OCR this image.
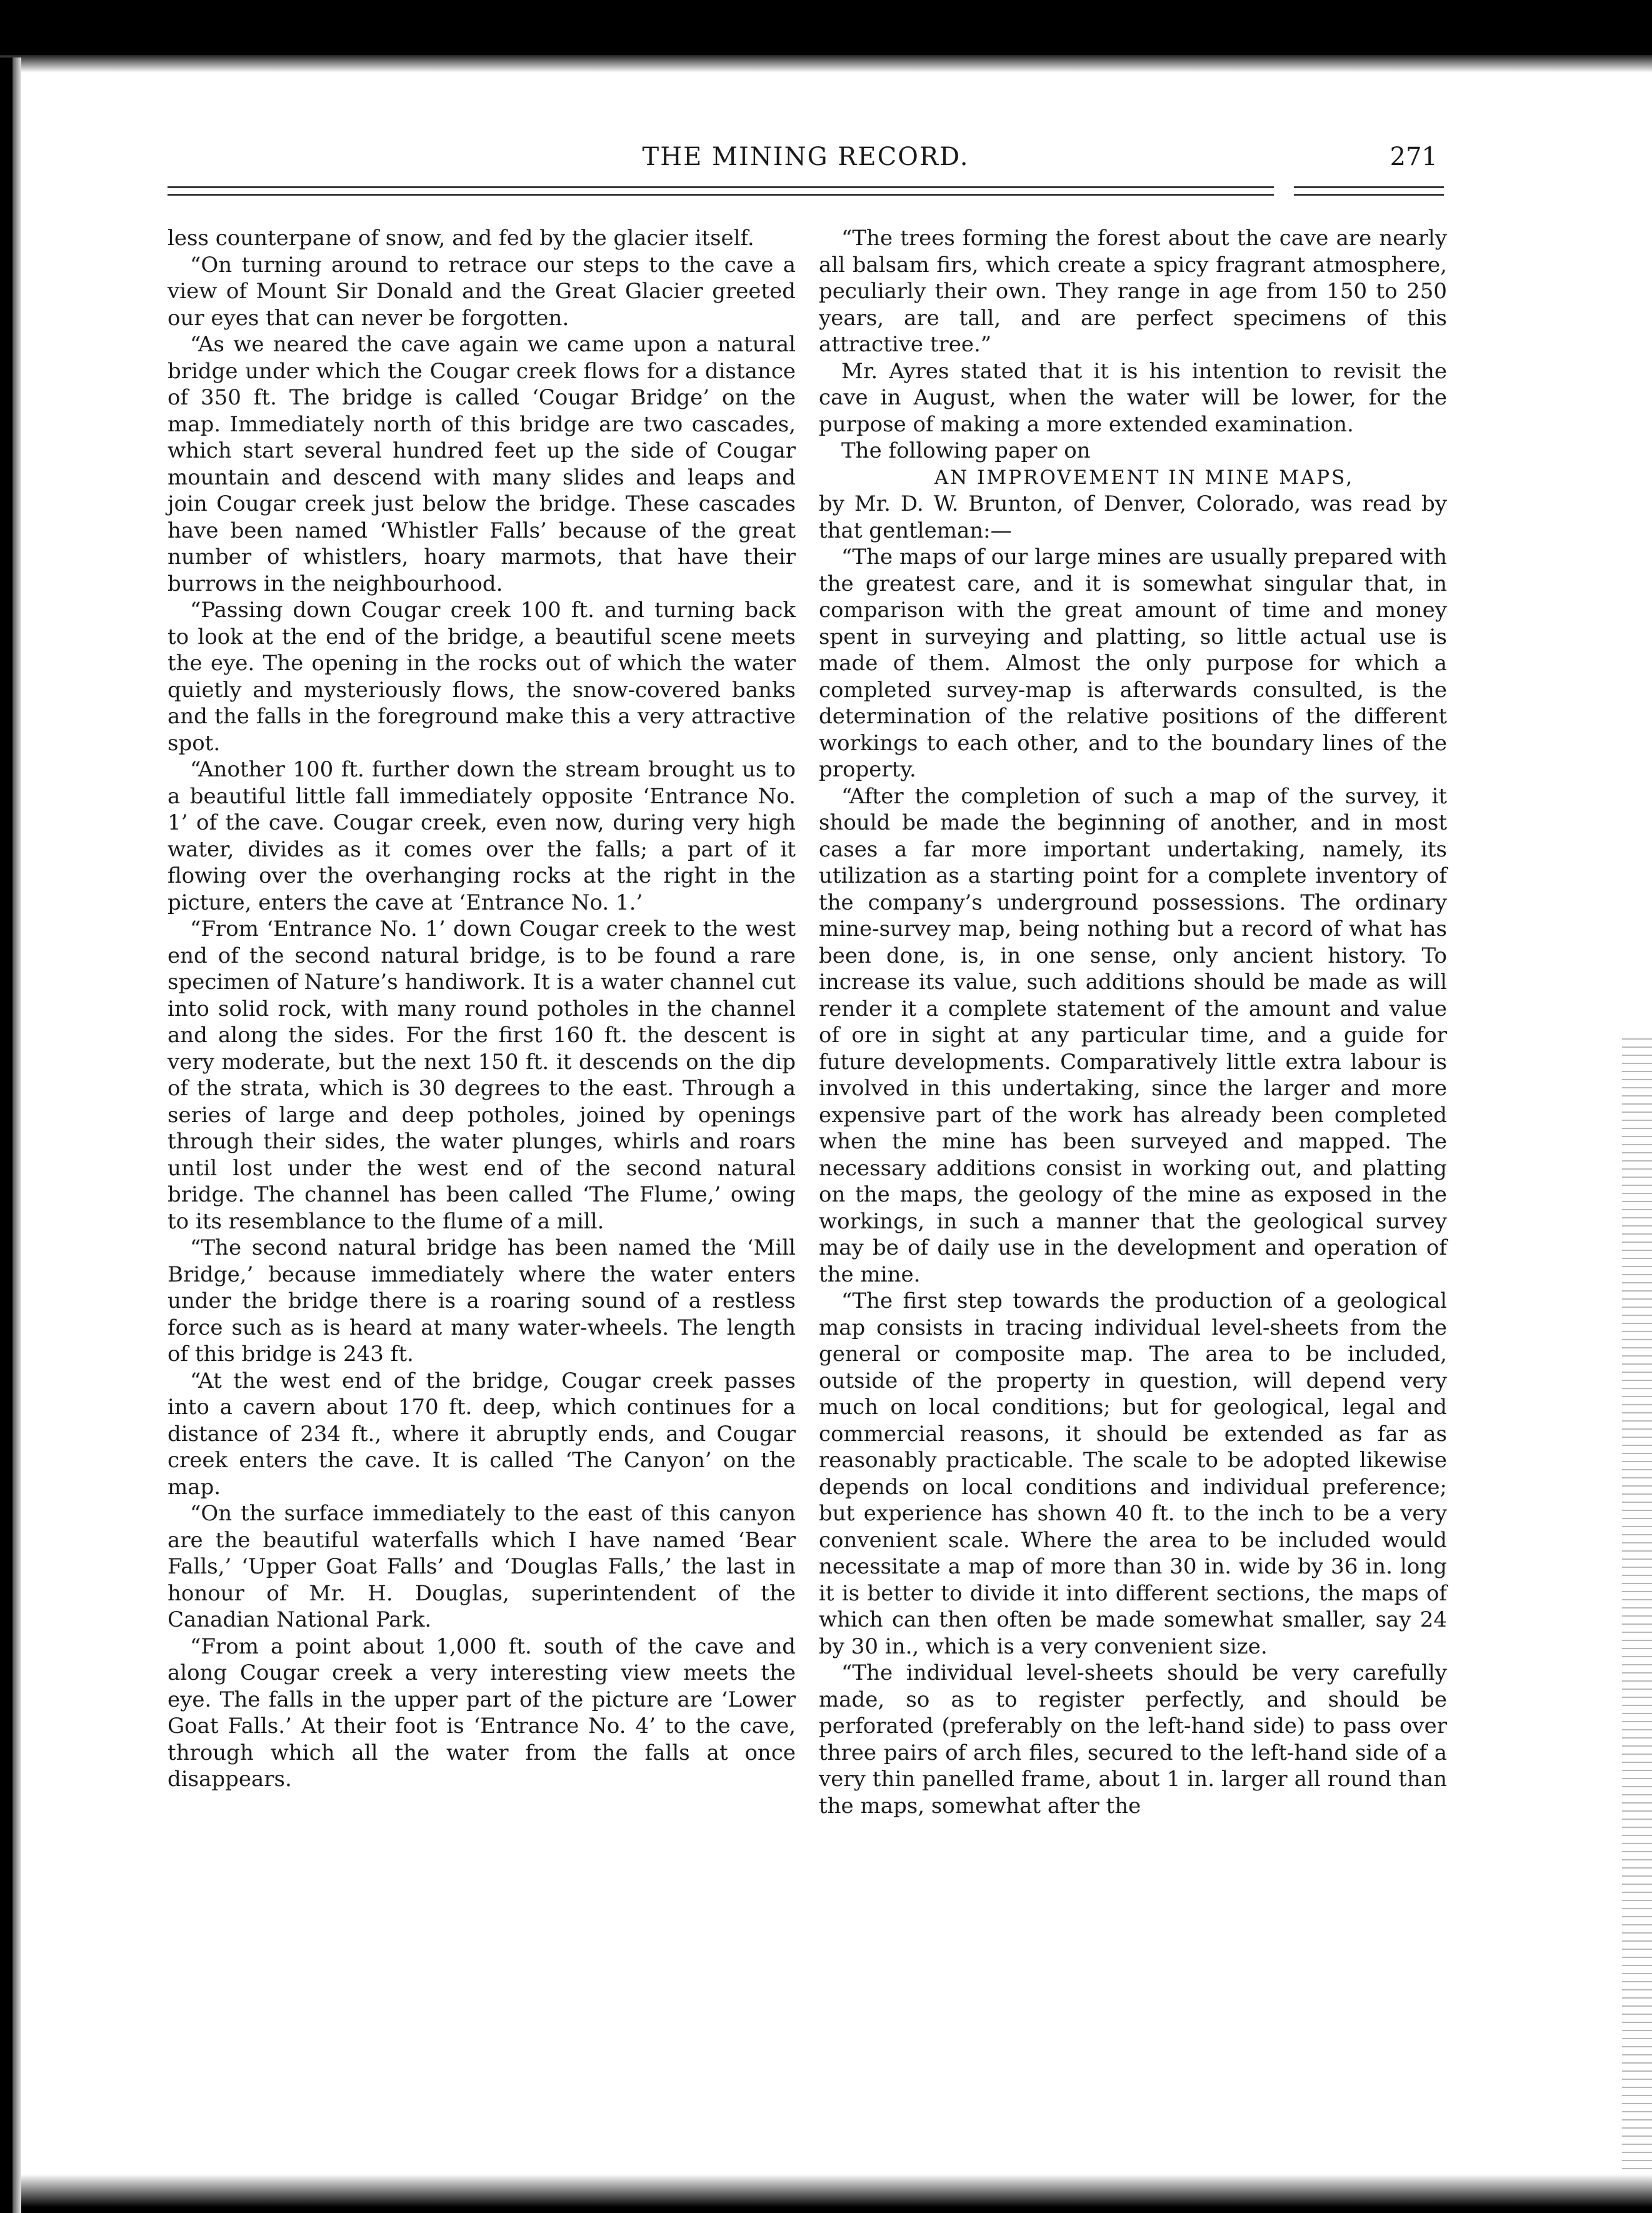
THE MINING RECORD.	271

less counterpane of snow, and fed by the glacier itself.

“On turning around to retrace our steps to the cave a view of Mount Sir Donald and the Great Glacier greeted our eyes that can never be forgotten.

“As we neared the cave again we came upon a natural bridge under which the Cougar creek flows for a distance of 350 ft. The bridge is called ‘Cougar Bridge’ on the map. Immediately north of this bridge are two cascades, which start several hundred feet up the side of Cougar mountain and descend with many slides and leaps and join Cougar creek just below the bridge. These cascades have been named ‘Whistler Falls’ because of the great number of whistlers, hoary marmots, that have their burrows in the neighbourhood.

“Passing down Cougar creek 100 ft. and turning back to look at the end of the bridge, a beautiful scene meets the eye. The opening in the rocks out of which the water quietly and mysteriously flows, the snow-covered banks and the falls in the foreground make this a very attractive spot.

“Another 100 ft. further down the stream brought us to a beautiful little fall immediately opposite ‘Entrance No. 1’ of the cave. Cougar creek, even now, during very high water, divides as it comes over the falls; a part of it flowing over the overhanging rocks at the right in the picture, enters the cave at ‘Entrance No. 1.’

“From ‘Entrance No. 1’ down Cougar creek to the west end of the second natural bridge, is to be found a rare specimen of Nature’s handiwork. It is a water channel cut into solid rock, with many round potholes in the channel and along the sides. For the first 160 ft. the descent is very moderate, but the next 150 ft. it descends on the dip of the strata, which is 30 degrees to the east. Through a series of large and deep potholes, joined by openings through their sides, the water plunges, whirls and roars until lost under the west end of the second natural bridge. The channel has been called ‘The Flume,’ owing to its resemblance to the flume of a mill.

“The second natural bridge has been named the ‘Mill Bridge,’ because immediately where the water enters under the bridge there is a roaring sound of a restless force such as is heard at many water-wheels. The length of this bridge is 243 ft.

“At the west end of the bridge, Cougar creek passes into a cavern about 170 ft. deep, which continues for a distance of 234 ft., where it abruptly ends, and Cougar creek enters the cave. It is called ‘The Canyon’ on the map.

“On the surface immediately to the east of this canyon are the beautiful waterfalls which I have named ‘Bear Falls,’ ‘Upper Goat Falls’ and ‘Douglas Falls,’ the last in honour of Mr. H. Douglas, superintendent of the Canadian National Park.

“From a point about 1,000 ft. south of the cave and along Cougar creek a very interesting view meets the eye. The falls in the upper part of the picture are ‘Lower Goat Falls.’ At their foot is ‘Entrance No. 4’ to the cave, through which all the water from the falls at once disappears.

“The trees forming the forest about the cave are nearly all balsam firs, which create a spicy fragrant atmosphere, peculiarly their own. They range in age from 150 to 250 years, are tall, and are perfect specimens of this attractive tree.”

Mr. Ayres stated that it is his intention to revisit the cave in August, when the water will be lower, for the purpose of making a more extended examination.

The following paper on

AN IMPROVEMENT IN MINE MAPS,

by Mr. D. W. Brunton, of Denver, Colorado, was read by that gentleman:—

“The maps of our large mines are usually prepared with the greatest care, and it is somewhat singular that, in comparison with the great amount of time and money spent in surveying and platting, so little actual use is made of them. Almost the only purpose for which a completed survey-map is afterwards consulted, is the determination of the relative positions of the different workings to each other, and to the boundary lines of the property.

“After the completion of such a map of the survey, it should be made the beginning of another, and in most cases a far more important undertaking, namely, its utilization as a starting point for a complete inventory of the company’s underground possessions. The ordinary mine-survey map, being nothing but a record of what has been done, is, in one sense, only ancient history. To increase its value, such additions should be made as will render it a complete statement of the amount and value of ore in sight at any particular time, and a guide for future developments. Comparatively little extra labour is involved in this undertaking, since the larger and more expensive part of the work has already been completed when the mine has been surveyed and mapped. The necessary additions consist in working out, and platting on the maps, the geology of the mine as exposed in the workings, in such a manner that the geological survey may be of daily use in the development and operation of the mine.

“The first step towards the production of a geological map consists in tracing individual level-sheets from the general or composite map. The area to be included, outside of the property in question, will depend very much on local conditions; but for geological, legal and commercial reasons, it should be extended as far as reasonably practicable. The scale to be adopted likewise depends on local conditions and individual preference; but experience has shown 40 ft. to the inch to be a very convenient scale. Where the area to be included would necessitate a map of more than 30 in. wide by 36 in. long it is better to divide it into different sections, the maps of which can then often be made somewhat smaller, say 24 by 30 in., which is a very convenient size.

“The individual level-sheets should be very carefully made, so as to register perfectly, and should be perforated (preferably on the left-hand side) to pass over three pairs of arch files, secured to the left-hand side of a very thin panelled frame, about 1 in. larger all round than the maps, somewhat after the
